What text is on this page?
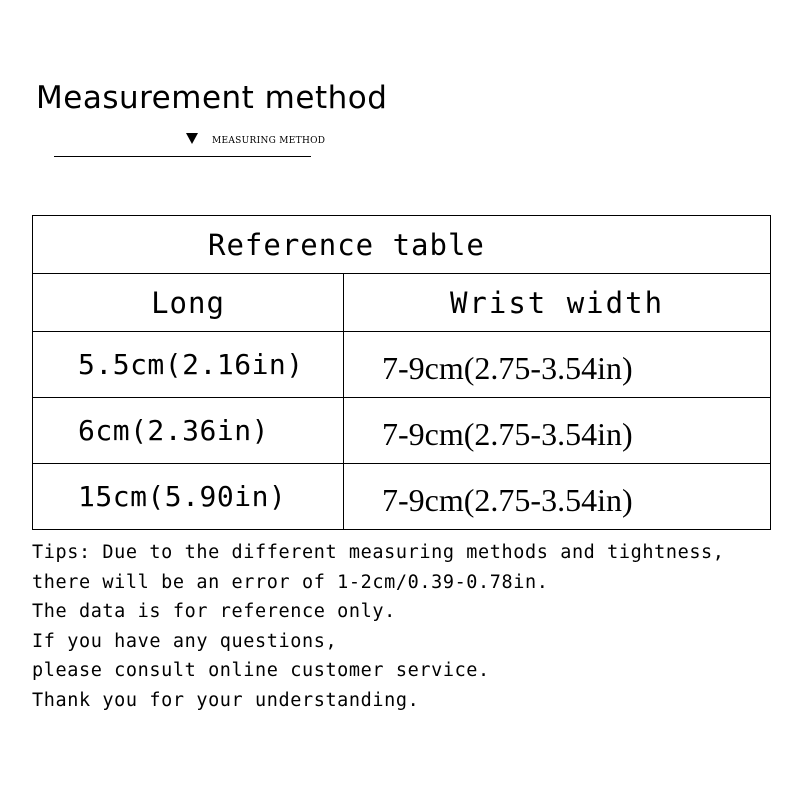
Measurement method
MEASURING METHOD
Reference table	
Long	Wrist width
5.5cm(2.16in)	7-9cm(2.75-3.54in)
6cm(2.36in)	7-9cm(2.75-3.54in)
15cm(5.90in)	7-9cm(2.75-3.54in)
Tips: Due to the different measuring methods and tightness,
there will be an error of 1-2cm/0.39-0.78in.
The data is for reference only.
If you have any questions,
please consult online customer service.
Thank you for your understanding.
